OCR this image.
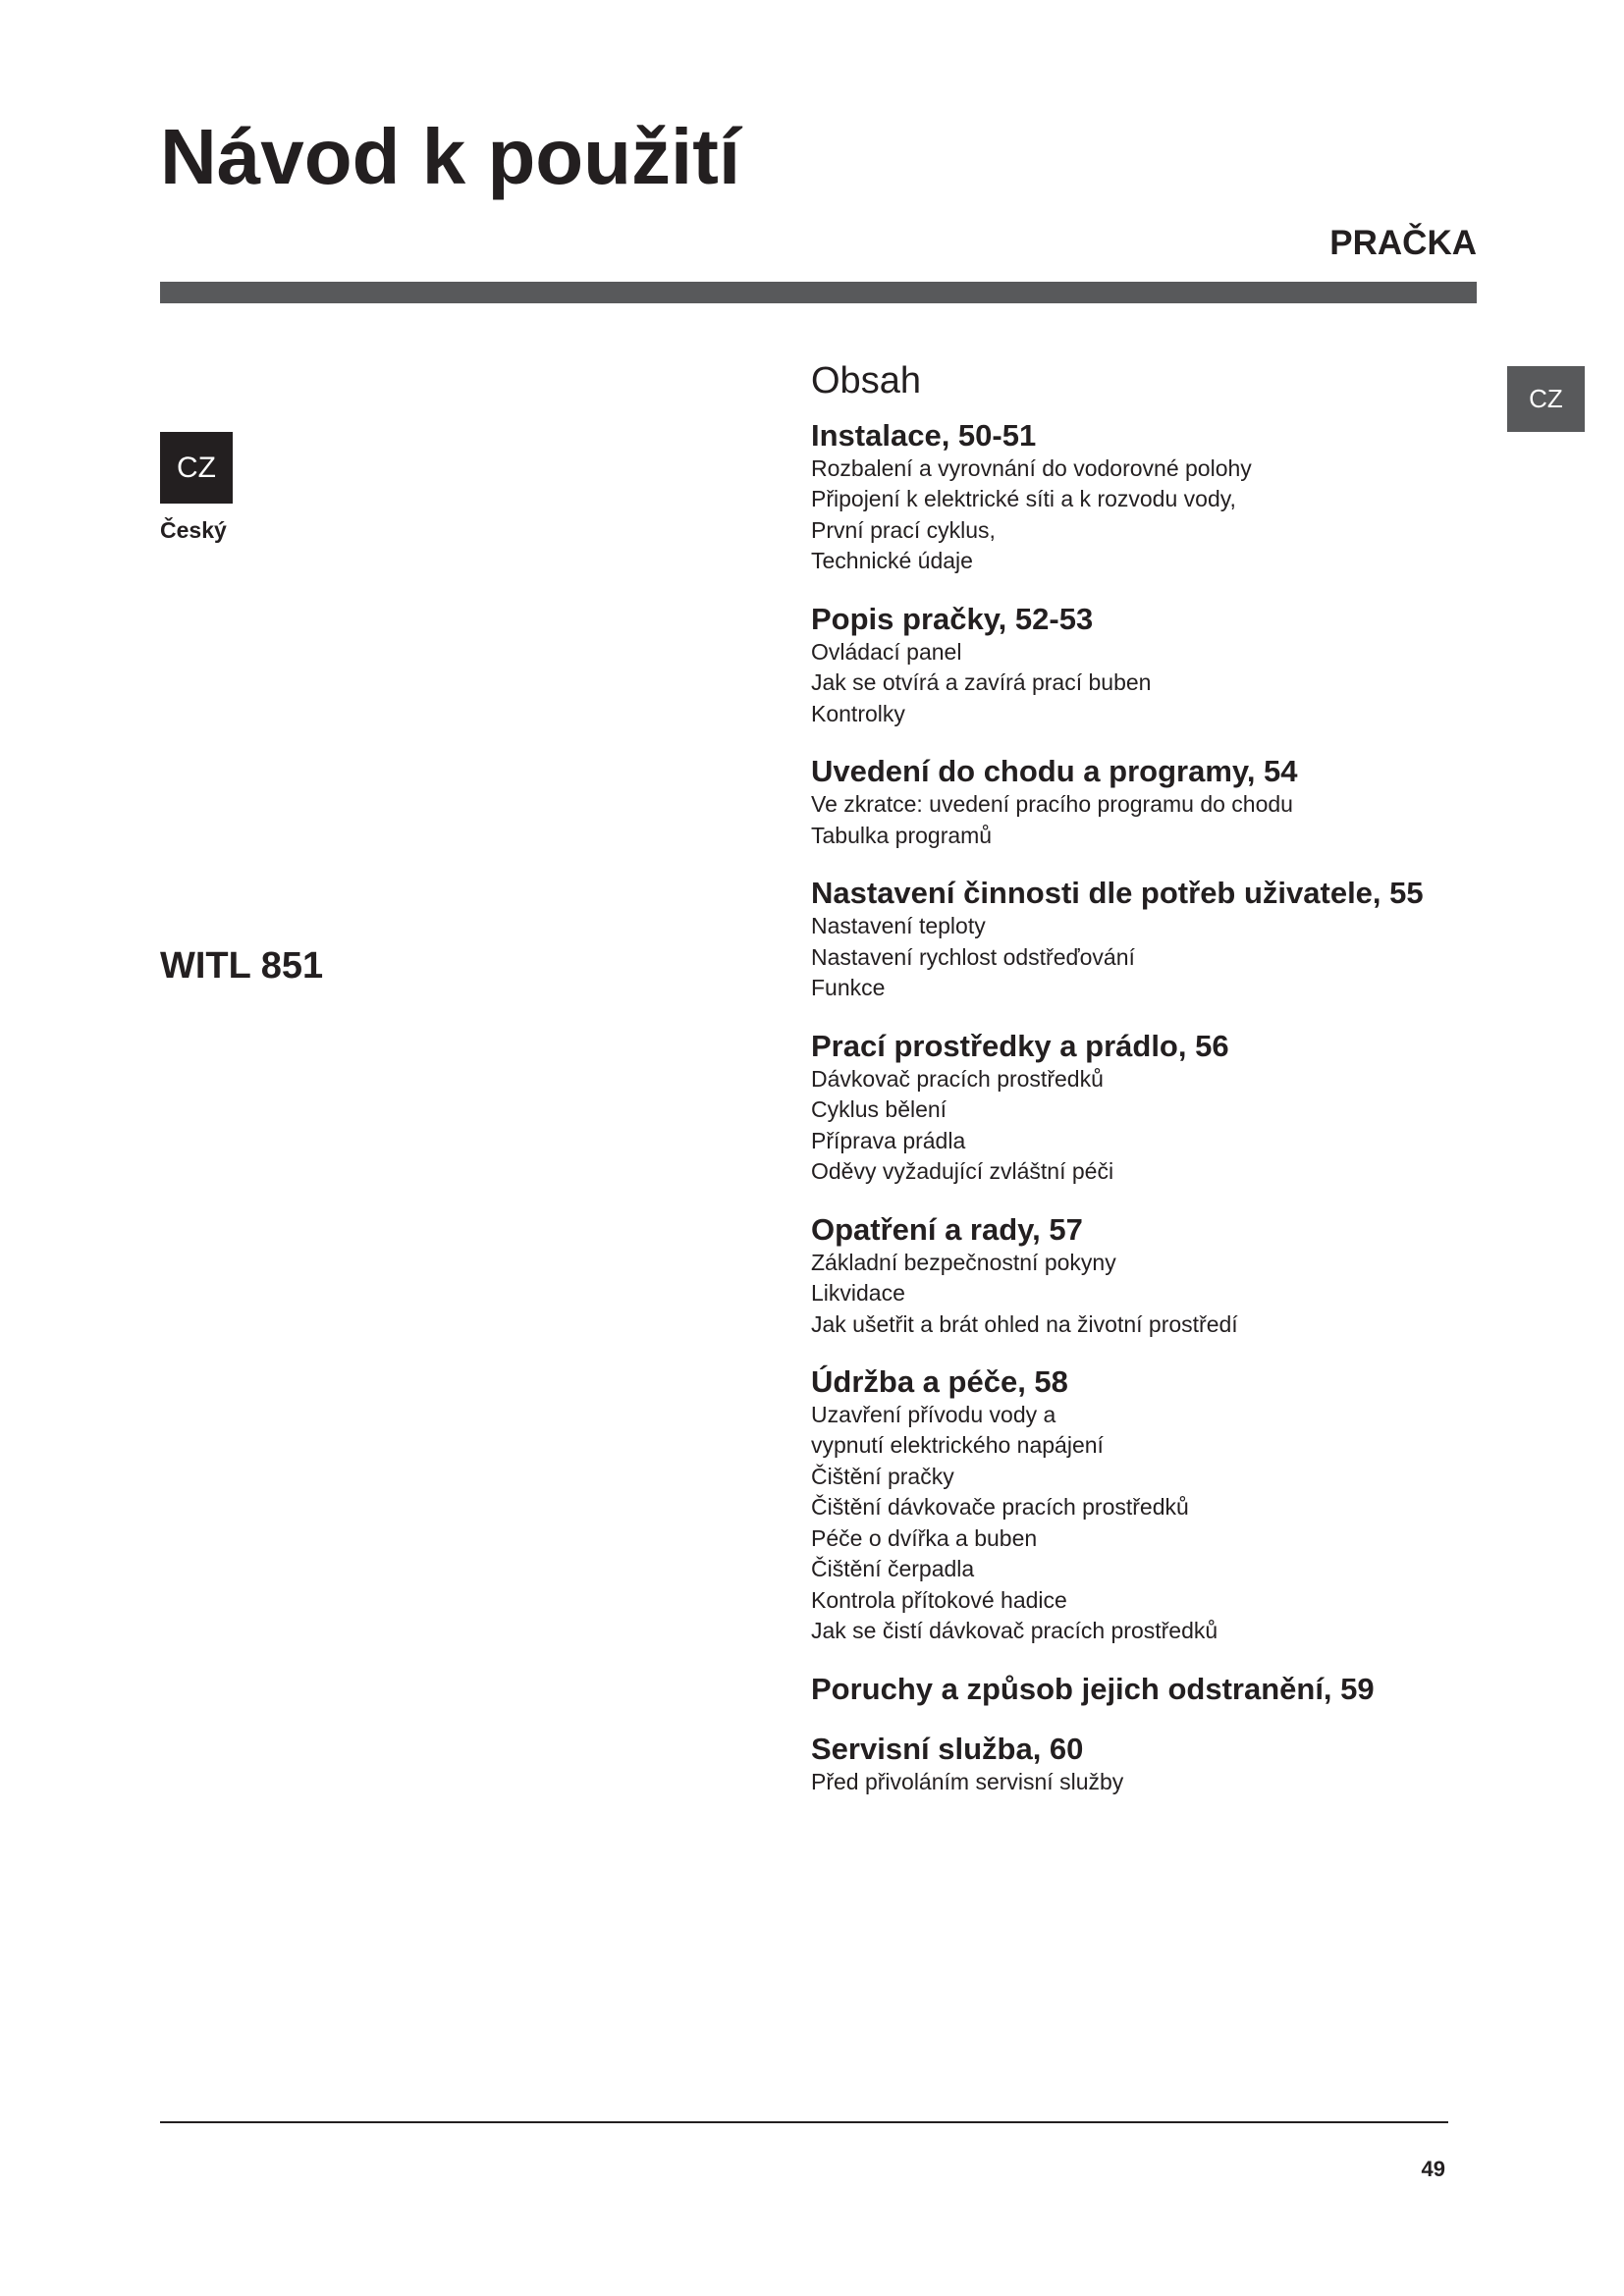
Návod k použití

PRAČKA

CZ

Český

WITL 851

CZ
Obsah
Instalace, 50-51
Rozbalení a vyrovnání do vodorovné polohy
Připojení k elektrické síti a k rozvodu vody,
První prací cyklus,
Technické údaje
Popis pračky, 52-53
Ovládací panel
Jak se otvírá a zavírá prací buben
Kontrolky
Uvedení do chodu a programy, 54
Ve zkratce: uvedení pracího programu do chodu
Tabulka programů
Nastavení činnosti dle potřeb uživatele, 55
Nastavení teploty
Nastavení rychlost odstřeďování
Funkce
Prací prostředky a prádlo, 56
Dávkovač pracích prostředků
Cyklus bělení
Příprava prádla
Oděvy vyžadující zvláštní péči
Opatření a rady, 57
Základní bezpečnostní pokyny
Likvidace
Jak ušetřit a brát ohled na životní prostředí
Údržba a péče, 58
Uzavření přívodu vody a
vypnutí elektrického napájení
Čištění pračky
Čištění dávkovače pracích prostředků
Péče o dvířka a buben
Čištění čerpadla
Kontrola přítokové hadice
Jak se čistí dávkovač pracích prostředků
Poruchy a způsob jejich odstranění, 59
Servisní služba, 60
Před přivoláním servisní služby

49
